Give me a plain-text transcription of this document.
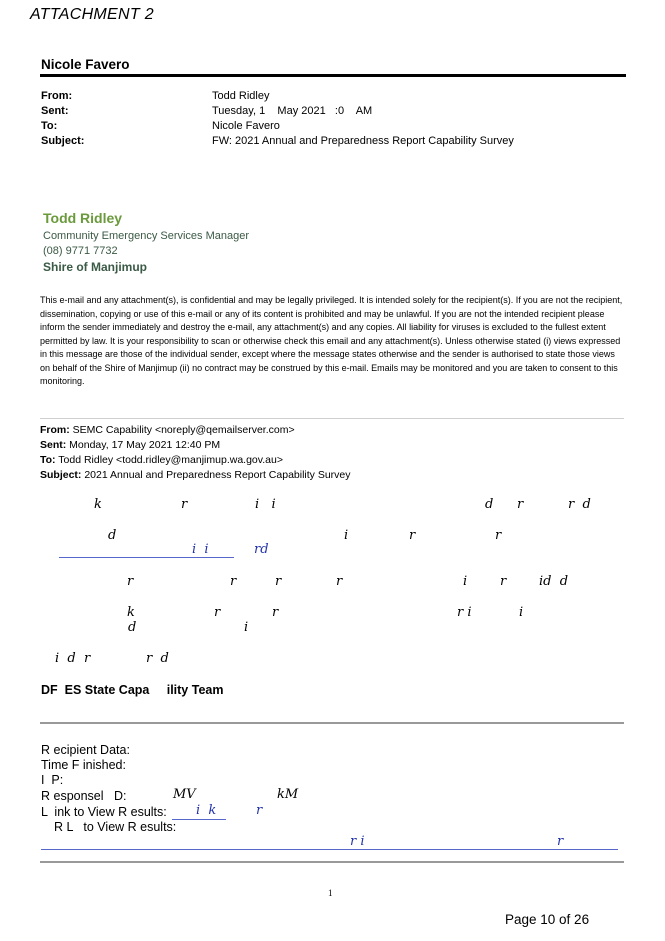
ATTACHMENT 2
Nicole Favero
From:	Todd Ridley
Sent:	Tuesday, 1    May 2021   :0    AM
To:	Nicole Favero
Subject:	FW: 2021 Annual and Preparedness Report Capability Survey
Todd Ridley
Community Emergency Services Manager
(08) 9771 7732
Shire of Manjimup
This e-mail and any attachment(s), is confidential and may be legally privileged. It is intended solely for the recipient(s). If you are not the recipient, dissemination, copying or use of this e-mail or any of its content is prohibited and may be unlawful. If you are not the intended recipient please inform the sender immediately and destroy the e-mail, any attachment(s) and any copies. All liability for viruses is excluded to the fullest extent permitted by law. It is your responsibility to scan or otherwise check this email and any attachment(s). Unless otherwise stated (i) views expressed in this message are those of the individual sender, except where the message states otherwise and the sender is authorised to state those views on behalf of the Shire of Manjimup (ii) no contract may be construed by this e-mail. Emails may be monitored and you are taken to consent to this monitoring.
From: SEMC Capability <noreply@qemailserver.com>
Sent: Monday, 17 May 2021 12:40 PM
To: Todd Ridley <todd.ridley@manjimup.wa.gov.au>
Subject: 2021 Annual and Preparedness Report Capability Survey
k	r	i   i	d r	r  d
d	i	r	r
i  i	rd
r	r	r	r	i	r	id  d
k	r	r	r i	i
d	i
i  d  r	r  d
DF  ES State Capa     ility Team
R ecipient Data:
Time F inished:
I  P:
R esponsel   D:	MV	kM
L  ink to View R esults: i  k	r
R L   to View R esults:
r i	r
1
Page 10 of 26
